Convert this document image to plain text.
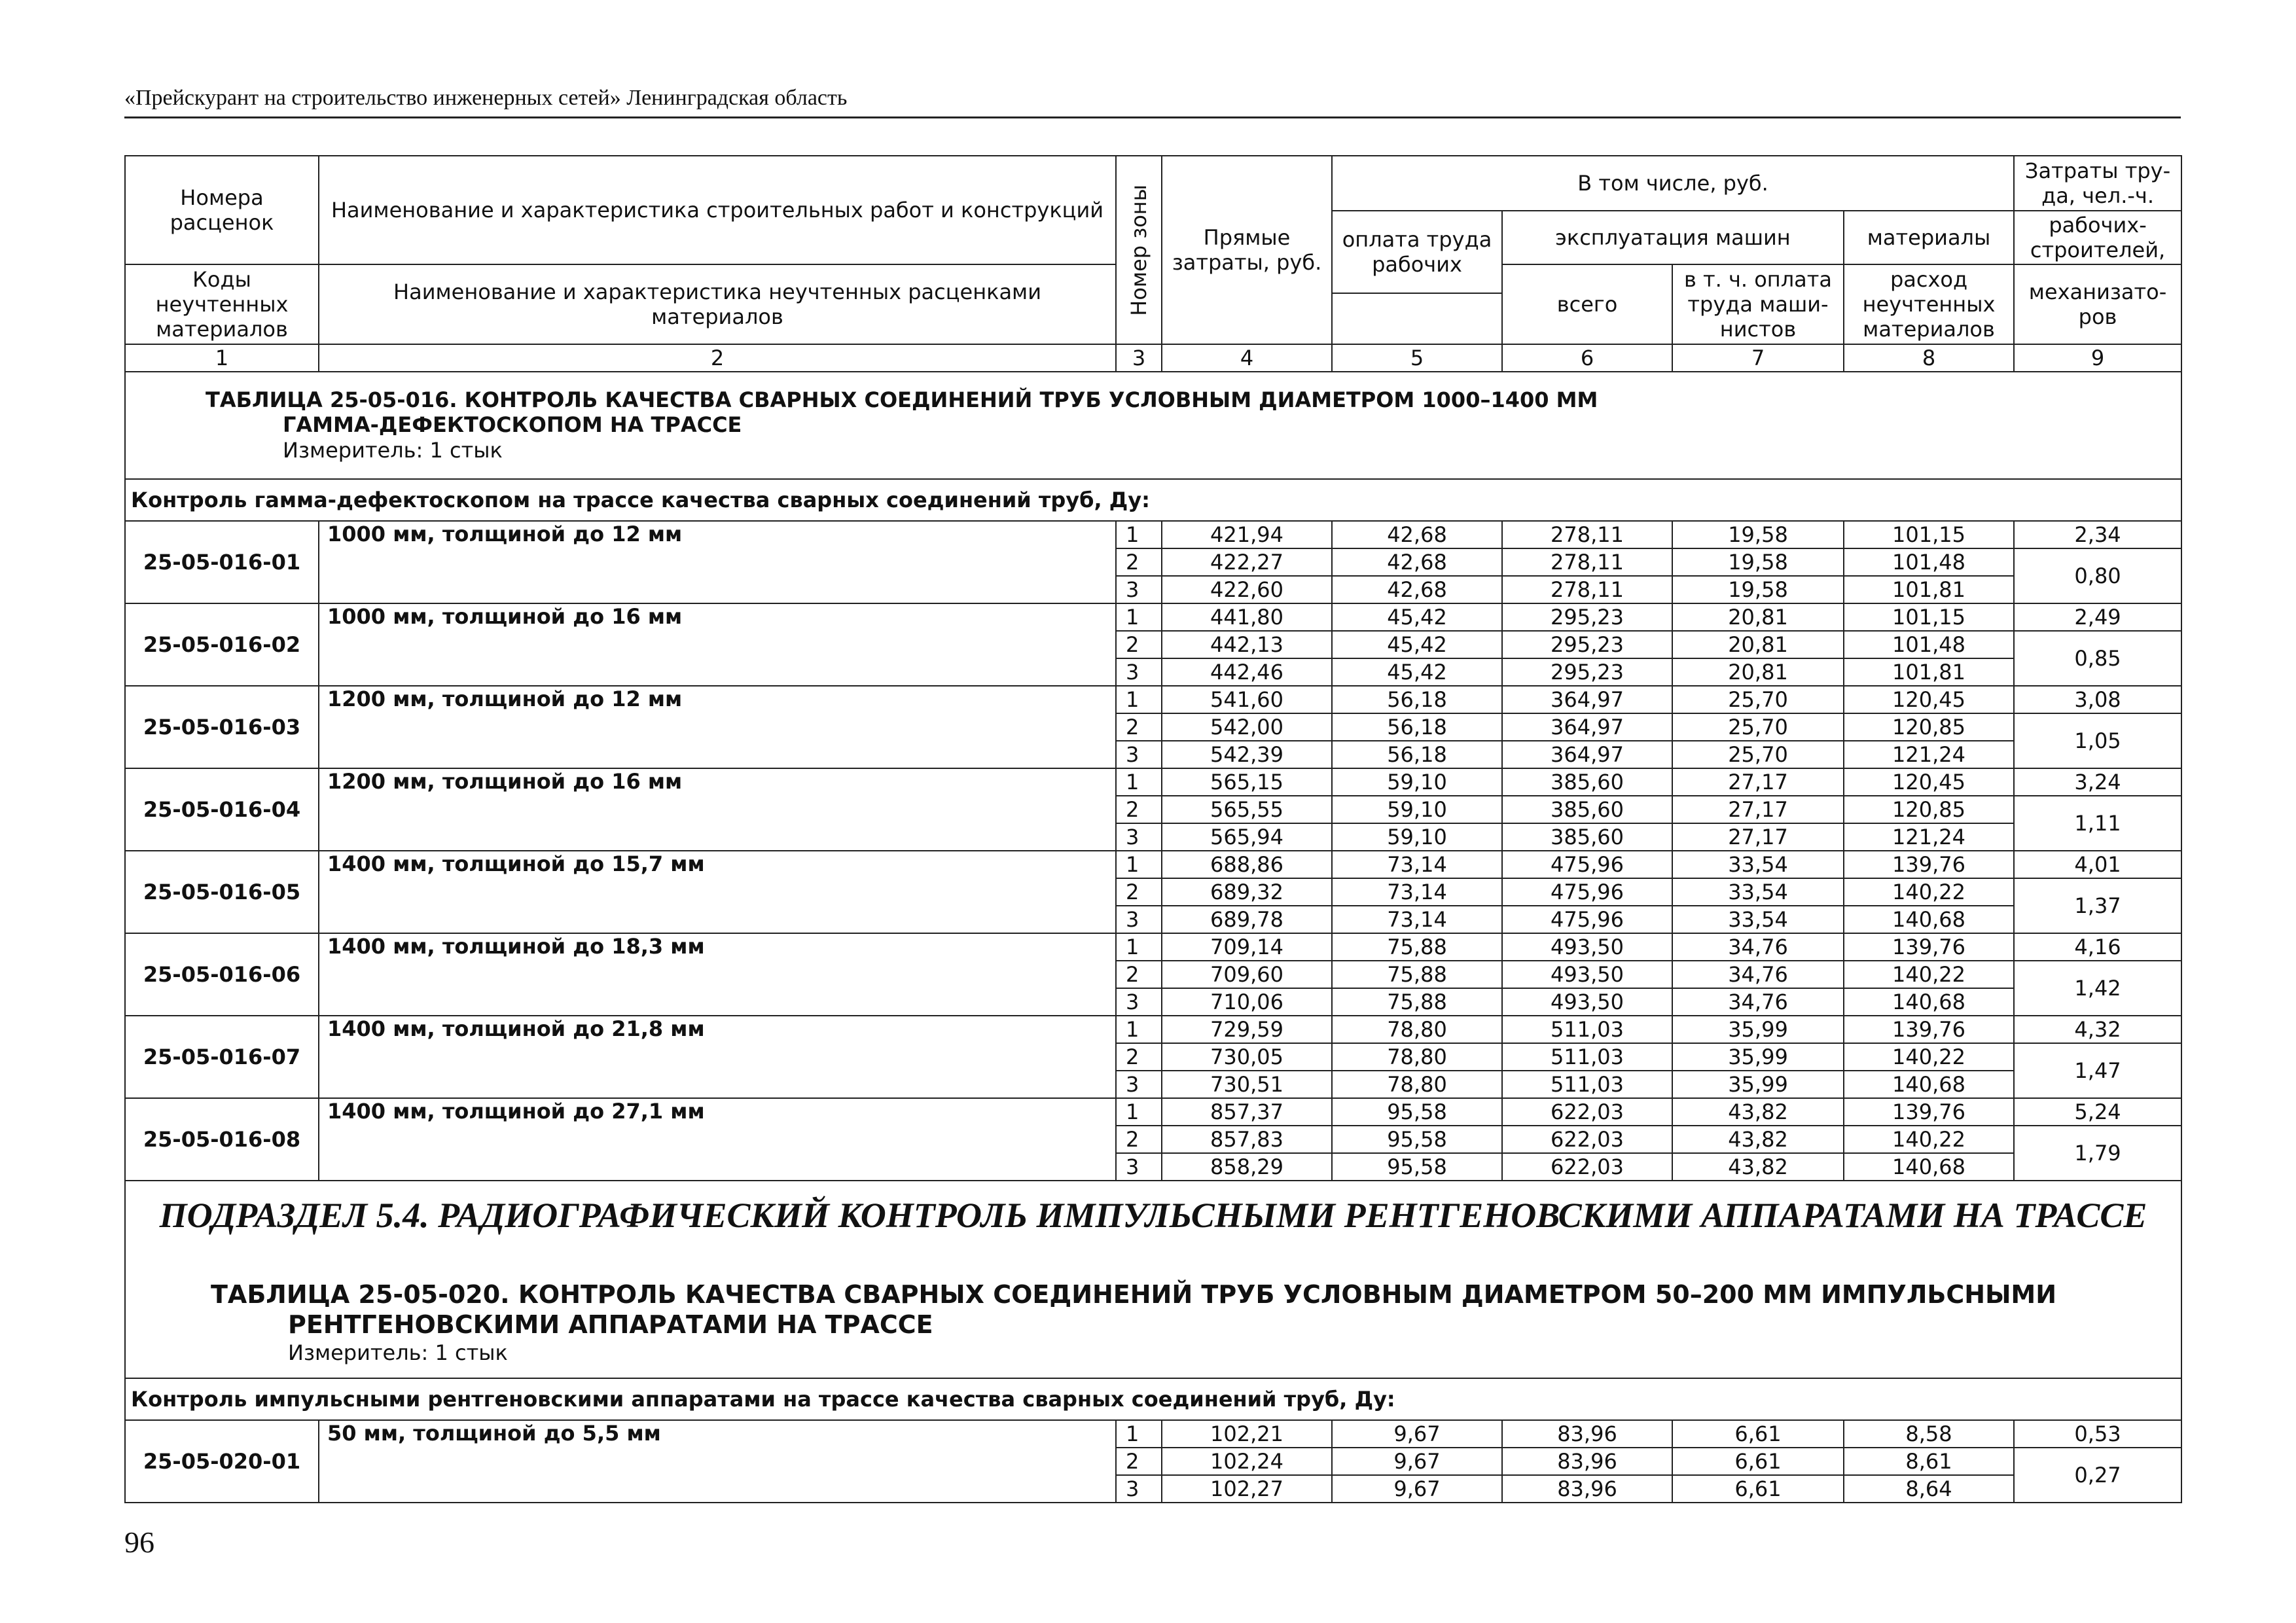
«Прейскурант на строительство инженерных сетей» Ленинградская область
Номера расценок	Наименование и характеристика строительных работ и конструкций	Номер зоны	Прямые затраты, руб.	В том числе, руб.				Затраты тру-да, чел.-ч.
				оплата труда рабочих	эксплуатация машин		материалы	рабочих-строителей,
Коды неучтенных материалов	Наименование и характеристика неучтенных расценками материалов				всего	в т. ч. оплата труда маши-нистов	расход неучтенных материалов	механизато-ров

1	2	3	4	5	6	7	8	9

ТАБЛИЦА 25-05-016. КОНТРОЛЬ КАЧЕСТВА СВАРНЫХ СОЕДИНЕНИЙ ТРУБ УСЛОВНЫМ ДИАМЕТРОМ 1000–1400 ММ
ГАММА-ДЕФЕКТОСКОПОМ НА ТРАССЕ
Измеритель: 1 стык								

Контроль гамма-дефектоскопом на трассе качества сварных соединений труб, Ду:								
25-05-016-01	1000 мм, толщиной до 12 мм	1	421,94	42,68	278,11	19,58	101,15	2,34
		2	422,27	42,68	278,11	19,58	101,48	0,80
		3	422,60	42,68	278,11	19,58	101,81	
25-05-016-02	1000 мм, толщиной до 16 мм	1	441,80	45,42	295,23	20,81	101,15	2,49
		2	442,13	45,42	295,23	20,81	101,48	0,85
		3	442,46	45,42	295,23	20,81	101,81	
25-05-016-03	1200 мм, толщиной до 12 мм	1	541,60	56,18	364,97	25,70	120,45	3,08
		2	542,00	56,18	364,97	25,70	120,85	1,05
		3	542,39	56,18	364,97	25,70	121,24	
25-05-016-04	1200 мм, толщиной до 16 мм	1	565,15	59,10	385,60	27,17	120,45	3,24
		2	565,55	59,10	385,60	27,17	120,85	1,11
		3	565,94	59,10	385,60	27,17	121,24	
25-05-016-05	1400 мм, толщиной до 15,7 мм	1	688,86	73,14	475,96	33,54	139,76	4,01
		2	689,32	73,14	475,96	33,54	140,22	1,37
		3	689,78	73,14	475,96	33,54	140,68	
25-05-016-06	1400 мм, толщиной до 18,3 мм	1	709,14	75,88	493,50	34,76	139,76	4,16
		2	709,60	75,88	493,50	34,76	140,22	1,42
		3	710,06	75,88	493,50	34,76	140,68	
25-05-016-07	1400 мм, толщиной до 21,8 мм	1	729,59	78,80	511,03	35,99	139,76	4,32
		2	730,05	78,80	511,03	35,99	140,22	1,47
		3	730,51	78,80	511,03	35,99	140,68	
25-05-016-08	1400 мм, толщиной до 27,1 мм	1	857,37	95,58	622,03	43,82	139,76	5,24
		2	857,83	95,58	622,03	43,82	140,22	1,79
		3	858,29	95,58	622,03	43,82	140,68	

ПОДРАЗДЕЛ 5.4. РАДИОГРАФИЧЕСКИЙ КОНТРОЛЬ ИМПУЛЬСНЫМИ РЕНТГЕНОВСКИМИ АППАРАТАМИ НА ТРАССЕ
ТАБЛИЦА 25-05-020. КОНТРОЛЬ КАЧЕСТВА СВАРНЫХ СОЕДИНЕНИЙ ТРУБ УСЛОВНЫМ ДИАМЕТРОМ 50–200 ММ ИМПУЛЬСНЫМИ
РЕНТГЕНОВСКИМИ АППАРАТАМИ НА ТРАССЕ
Измеритель: 1 стык								

Контроль импульсными рентгеновскими аппаратами на трассе качества сварных соединений труб, Ду:								
25-05-020-01	50 мм, толщиной до 5,5 мм	1	102,21	9,67	83,96	6,61	8,58	0,53
		2	102,24	9,67	83,96	6,61	8,61	0,27
		3	102,27	9,67	83,96	6,61	8,64	
96
